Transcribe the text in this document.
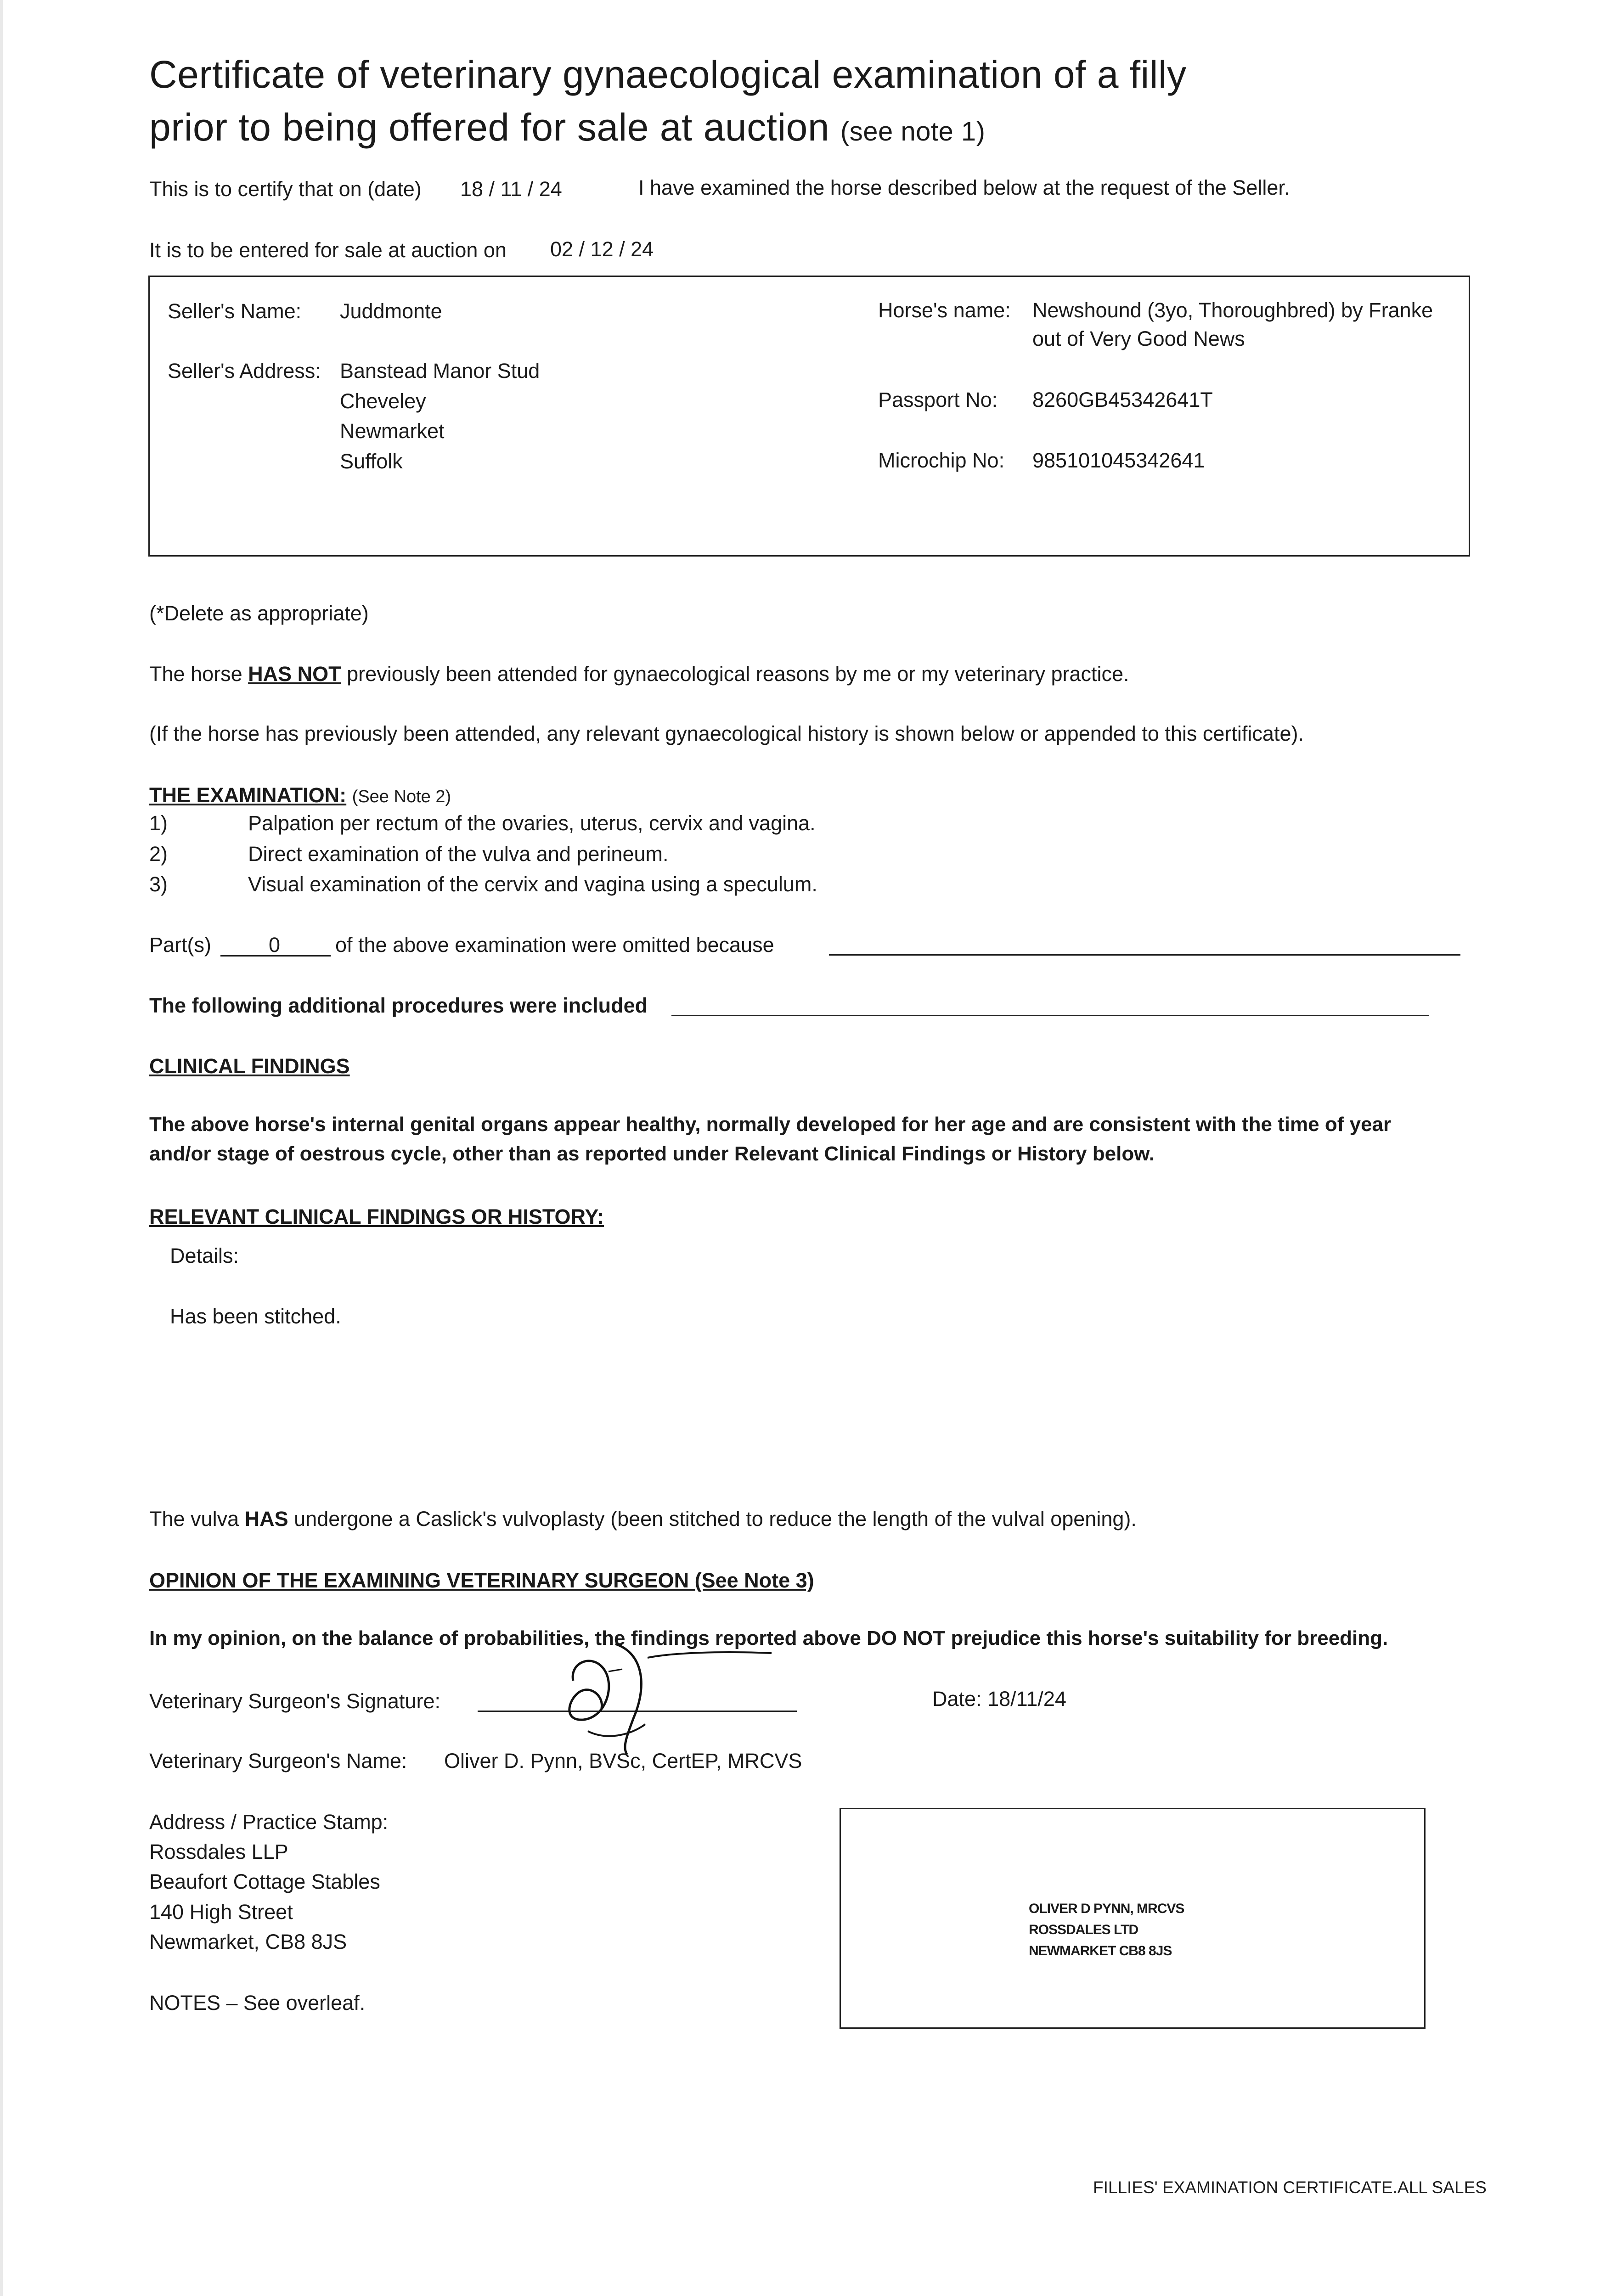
Certificate of veterinary gynaecological examination of a filly
prior to being offered for sale at auction (see note 1)
This is to certify that on (date) 18 / 11 / 24	I have examined the horse described below at the request of the Seller.
It is to be entered for sale at auction on 02 / 12 / 24
Seller's Name: Juddmonte
Seller's Address: Banstead Manor Stud
Cheveley
Newmarket
Suffolk
Horse's name: Newshound (3yo, Thoroughbred) by Franke
out of Very Good News
Passport No: 8260GB45342641T
Microchip No: 985101045342641
(*Delete as appropriate)
The horse HAS NOT previously been attended for gynaecological reasons by me or my veterinary practice.
(If the horse has previously been attended, any relevant gynaecological history is shown below or appended to this certificate).
THE EXAMINATION: (See Note 2)
1)	Palpation per rectum of the ovaries, uterus, cervix and vagina.
2)	Direct examination of the vulva and perineum.
3)	Visual examination of the cervix and vagina using a speculum.
Part(s)	0	of the above examination were omitted because
The following additional procedures were included
CLINICAL FINDINGS
The above horse's internal genital organs appear healthy, normally developed for her age and are consistent with the time of year
and/or stage of oestrous cycle, other than as reported under Relevant Clinical Findings or History below.
RELEVANT CLINICAL FINDINGS OR HISTORY:
Details:
Has been stitched.
The vulva HAS undergone a Caslick's vulvoplasty (been stitched to reduce the length of the vulval opening).
OPINION OF THE EXAMINING VETERINARY SURGEON (See Note 3)
In my opinion, on the balance of probabilities, the findings reported above DO NOT prejudice this horse's suitability for breeding.
Veterinary Surgeon's Signature:	Date: 18/11/24
Veterinary Surgeon's Name: Oliver D. Pynn, BVSc, CertEP, MRCVS
Address / Practice Stamp:
Rossdales LLP
Beaufort Cottage Stables
140 High Street
Newmarket, CB8 8JS
OLIVER D PYNN, MRCVS
ROSSDALES LTD
NEWMARKET CB8 8JS
NOTES – See overleaf.
FILLIES' EXAMINATION CERTIFICATE.ALL SALES
